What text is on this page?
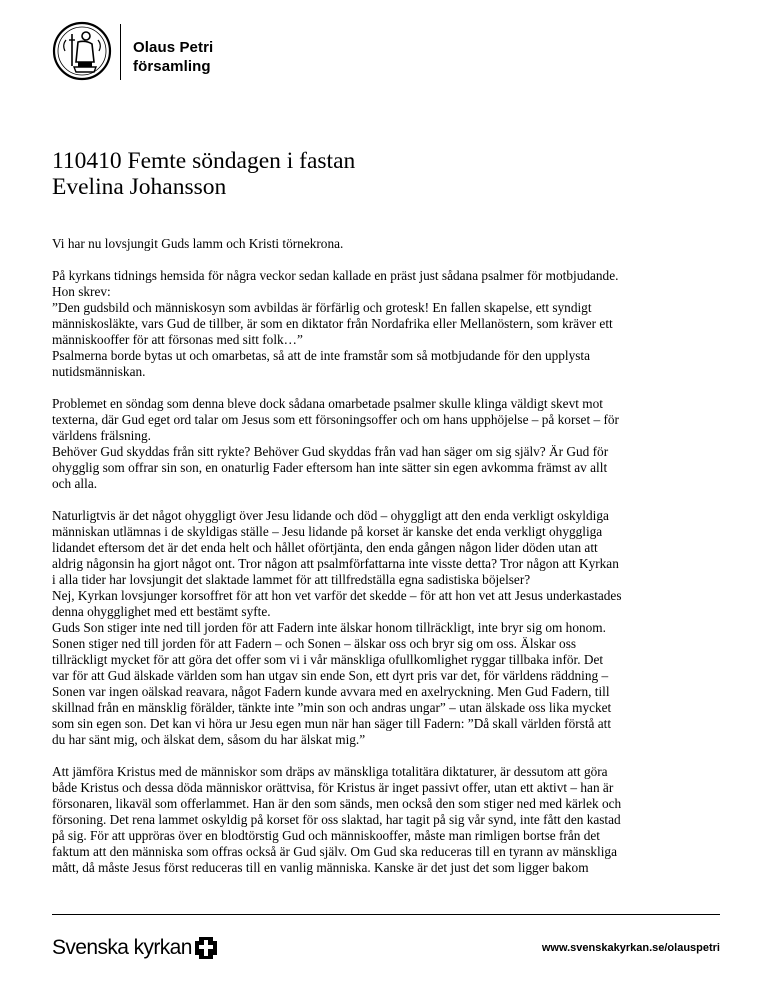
Olaus Petri
församling
110410 Femte söndagen i fastan
Evelina Johansson

Vi har nu lovsjungit Guds lamm och Kristi törnekrona.

På kyrkans tidnings hemsida för några veckor sedan kallade en präst just sådana psalmer för motbjudande.
Hon skrev:
”Den gudsbild och människosyn som avbildas är förfärlig och grotesk! En fallen skapelse, ett syndigt
människosläkte, vars Gud de tillber, är som en diktator från Nordafrika eller Mellanöstern, som kräver ett
människooffer för att försonas med sitt folk…”
Psalmerna borde bytas ut och omarbetas, så att de inte framstår som så motbjudande för den upplysta
nutidsmänniskan.

Problemet en söndag som denna bleve dock sådana omarbetade psalmer skulle klinga väldigt skevt mot
texterna, där Gud eget ord talar om Jesus som ett försoningsoffer och om hans upphöjelse – på korset – för
världens frälsning.
Behöver Gud skyddas från sitt rykte? Behöver Gud skyddas från vad han säger om sig själv? Är Gud för
ohygglig som offrar sin son, en onaturlig Fader eftersom han inte sätter sin egen avkomma främst av allt
och alla.

Naturligtvis är det något ohyggligt över Jesu lidande och död – ohyggligt att den enda verkligt oskyldiga
människan utlämnas i de skyldigas ställe – Jesu lidande på korset är kanske det enda verkligt ohyggliga
lidandet eftersom det är det enda helt och hållet oförtjänta, den enda gången någon lider döden utan att
aldrig någonsin ha gjort något ont. Tror någon att psalmförfattarna inte visste detta? Tror någon att Kyrkan
i alla tider har lovsjungit det slaktade lammet för att tillfredställa egna sadistiska böjelser?
Nej, Kyrkan lovsjunger korsoffret för att hon vet varför det skedde – för att hon vet att Jesus underkastades
denna ohygglighet med ett bestämt syfte.
Guds Son stiger inte ned till jorden för att Fadern inte älskar honom tillräckligt, inte bryr sig om honom.
Sonen stiger ned till jorden för att Fadern – och Sonen – älskar oss och bryr sig om oss. Älskar oss
tillräckligt mycket för att göra det offer som vi i vår mänskliga ofullkomlighet ryggar tillbaka inför. Det
var för att Gud älskade världen som han utgav sin ende Son, ett dyrt pris var det, för världens räddning –
Sonen var ingen oälskad reavara, något Fadern kunde avvara med en axelryckning. Men Gud Fadern, till
skillnad från en mänsklig förälder, tänkte inte ”min son och andras ungar” – utan älskade oss lika mycket
som sin egen son. Det kan vi höra ur Jesu egen mun när han säger till Fadern: ”Då skall världen förstå att
du har sänt mig, och älskat dem, såsom du har älskat mig.”

Att jämföra Kristus med de människor som dräps av mänskliga totalitära diktaturer, är dessutom att göra
både Kristus och dessa döda människor orättvisa, för Kristus är inget passivt offer, utan ett aktivt – han är
försonaren, likaväl som offerlammet. Han är den som sänds, men också den som stiger ned med kärlek och
försoning. Det rena lammet oskyldig på korset för oss slaktad, har tagit på sig vår synd, inte fått den kastad
på sig. För att uppröras över en blodtörstig Gud och människooffer, måste man rimligen bortse från det
faktum att den människa som offras också är Gud själv. Om Gud ska reduceras till en tyrann av mänskliga
mått, då måste Jesus först reduceras till en vanlig människa. Kanske är det just det som ligger bakom

Svenska kyrkan	www.svenskakyrkan.se/olauspetri
